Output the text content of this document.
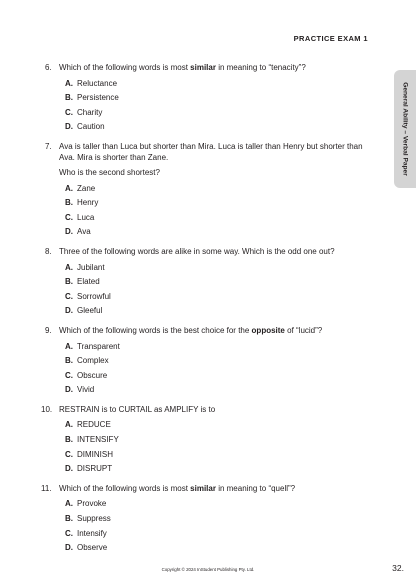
PRACTICE EXAM 1
General Ability – Verbal Paper
6. Which of the following words is most similar in meaning to “tenacity”?
A. Reluctance
B. Persistence
C. Charity
D. Caution
7. Ava is taller than Luca but shorter than Mira. Luca is taller than Henry but shorter than Ava. Mira is shorter than Zane.
Who is the second shortest?
A. Zane
B. Henry
C. Luca
D. Ava
8. Three of the following words are alike in some way. Which is the odd one out?
A. Jubilant
B. Elated
C. Sorrowful
D. Gleeful
9. Which of the following words is the best choice for the opposite of “lucid”?
A. Transparent
B. Complex
C. Obscure
D. Vivid
10. RESTRAIN is to CURTAIL as AMPLIFY is to
A. REDUCE
B. INTENSIFY
C. DIMINISH
D. DISRUPT
11. Which of the following words is most similar in meaning to “quell”?
A. Provoke
B. Suppress
C. Intensify
D. Observe
Copyright © 2024 InStudent Publishing Pty. Ltd.	32.
